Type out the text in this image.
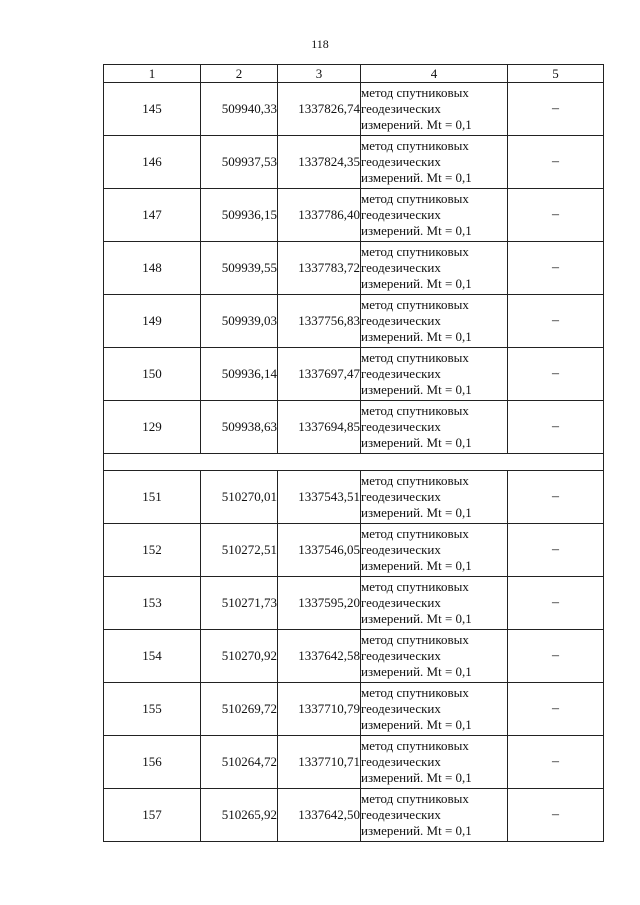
118
1	2	3	4	5
145	509940,33	1337826,74	метод спутниковых
геодезических
измерений. Mt = 0,1	–
146	509937,53	1337824,35	метод спутниковых
геодезических
измерений. Mt = 0,1	–
147	509936,15	1337786,40	метод спутниковых
геодезических
измерений. Mt = 0,1	–
148	509939,55	1337783,72	метод спутниковых
геодезических
измерений. Mt = 0,1	–
149	509939,03	1337756,83	метод спутниковых
геодезических
измерений. Mt = 0,1	–
150	509936,14	1337697,47	метод спутниковых
геодезических
измерений. Mt = 0,1	–
129	509938,63	1337694,85	метод спутниковых
геодезических
измерений. Mt = 0,1	–

151	510270,01	1337543,51	метод спутниковых
геодезических
измерений. Mt = 0,1	–
152	510272,51	1337546,05	метод спутниковых
геодезических
измерений. Mt = 0,1	–
153	510271,73	1337595,20	метод спутниковых
геодезических
измерений. Mt = 0,1	–
154	510270,92	1337642,58	метод спутниковых
геодезических
измерений. Mt = 0,1	–
155	510269,72	1337710,79	метод спутниковых
геодезических
измерений. Mt = 0,1	–
156	510264,72	1337710,71	метод спутниковых
геодезических
измерений. Mt = 0,1	–
157	510265,92	1337642,50	метод спутниковых
геодезических
измерений. Mt = 0,1	–
